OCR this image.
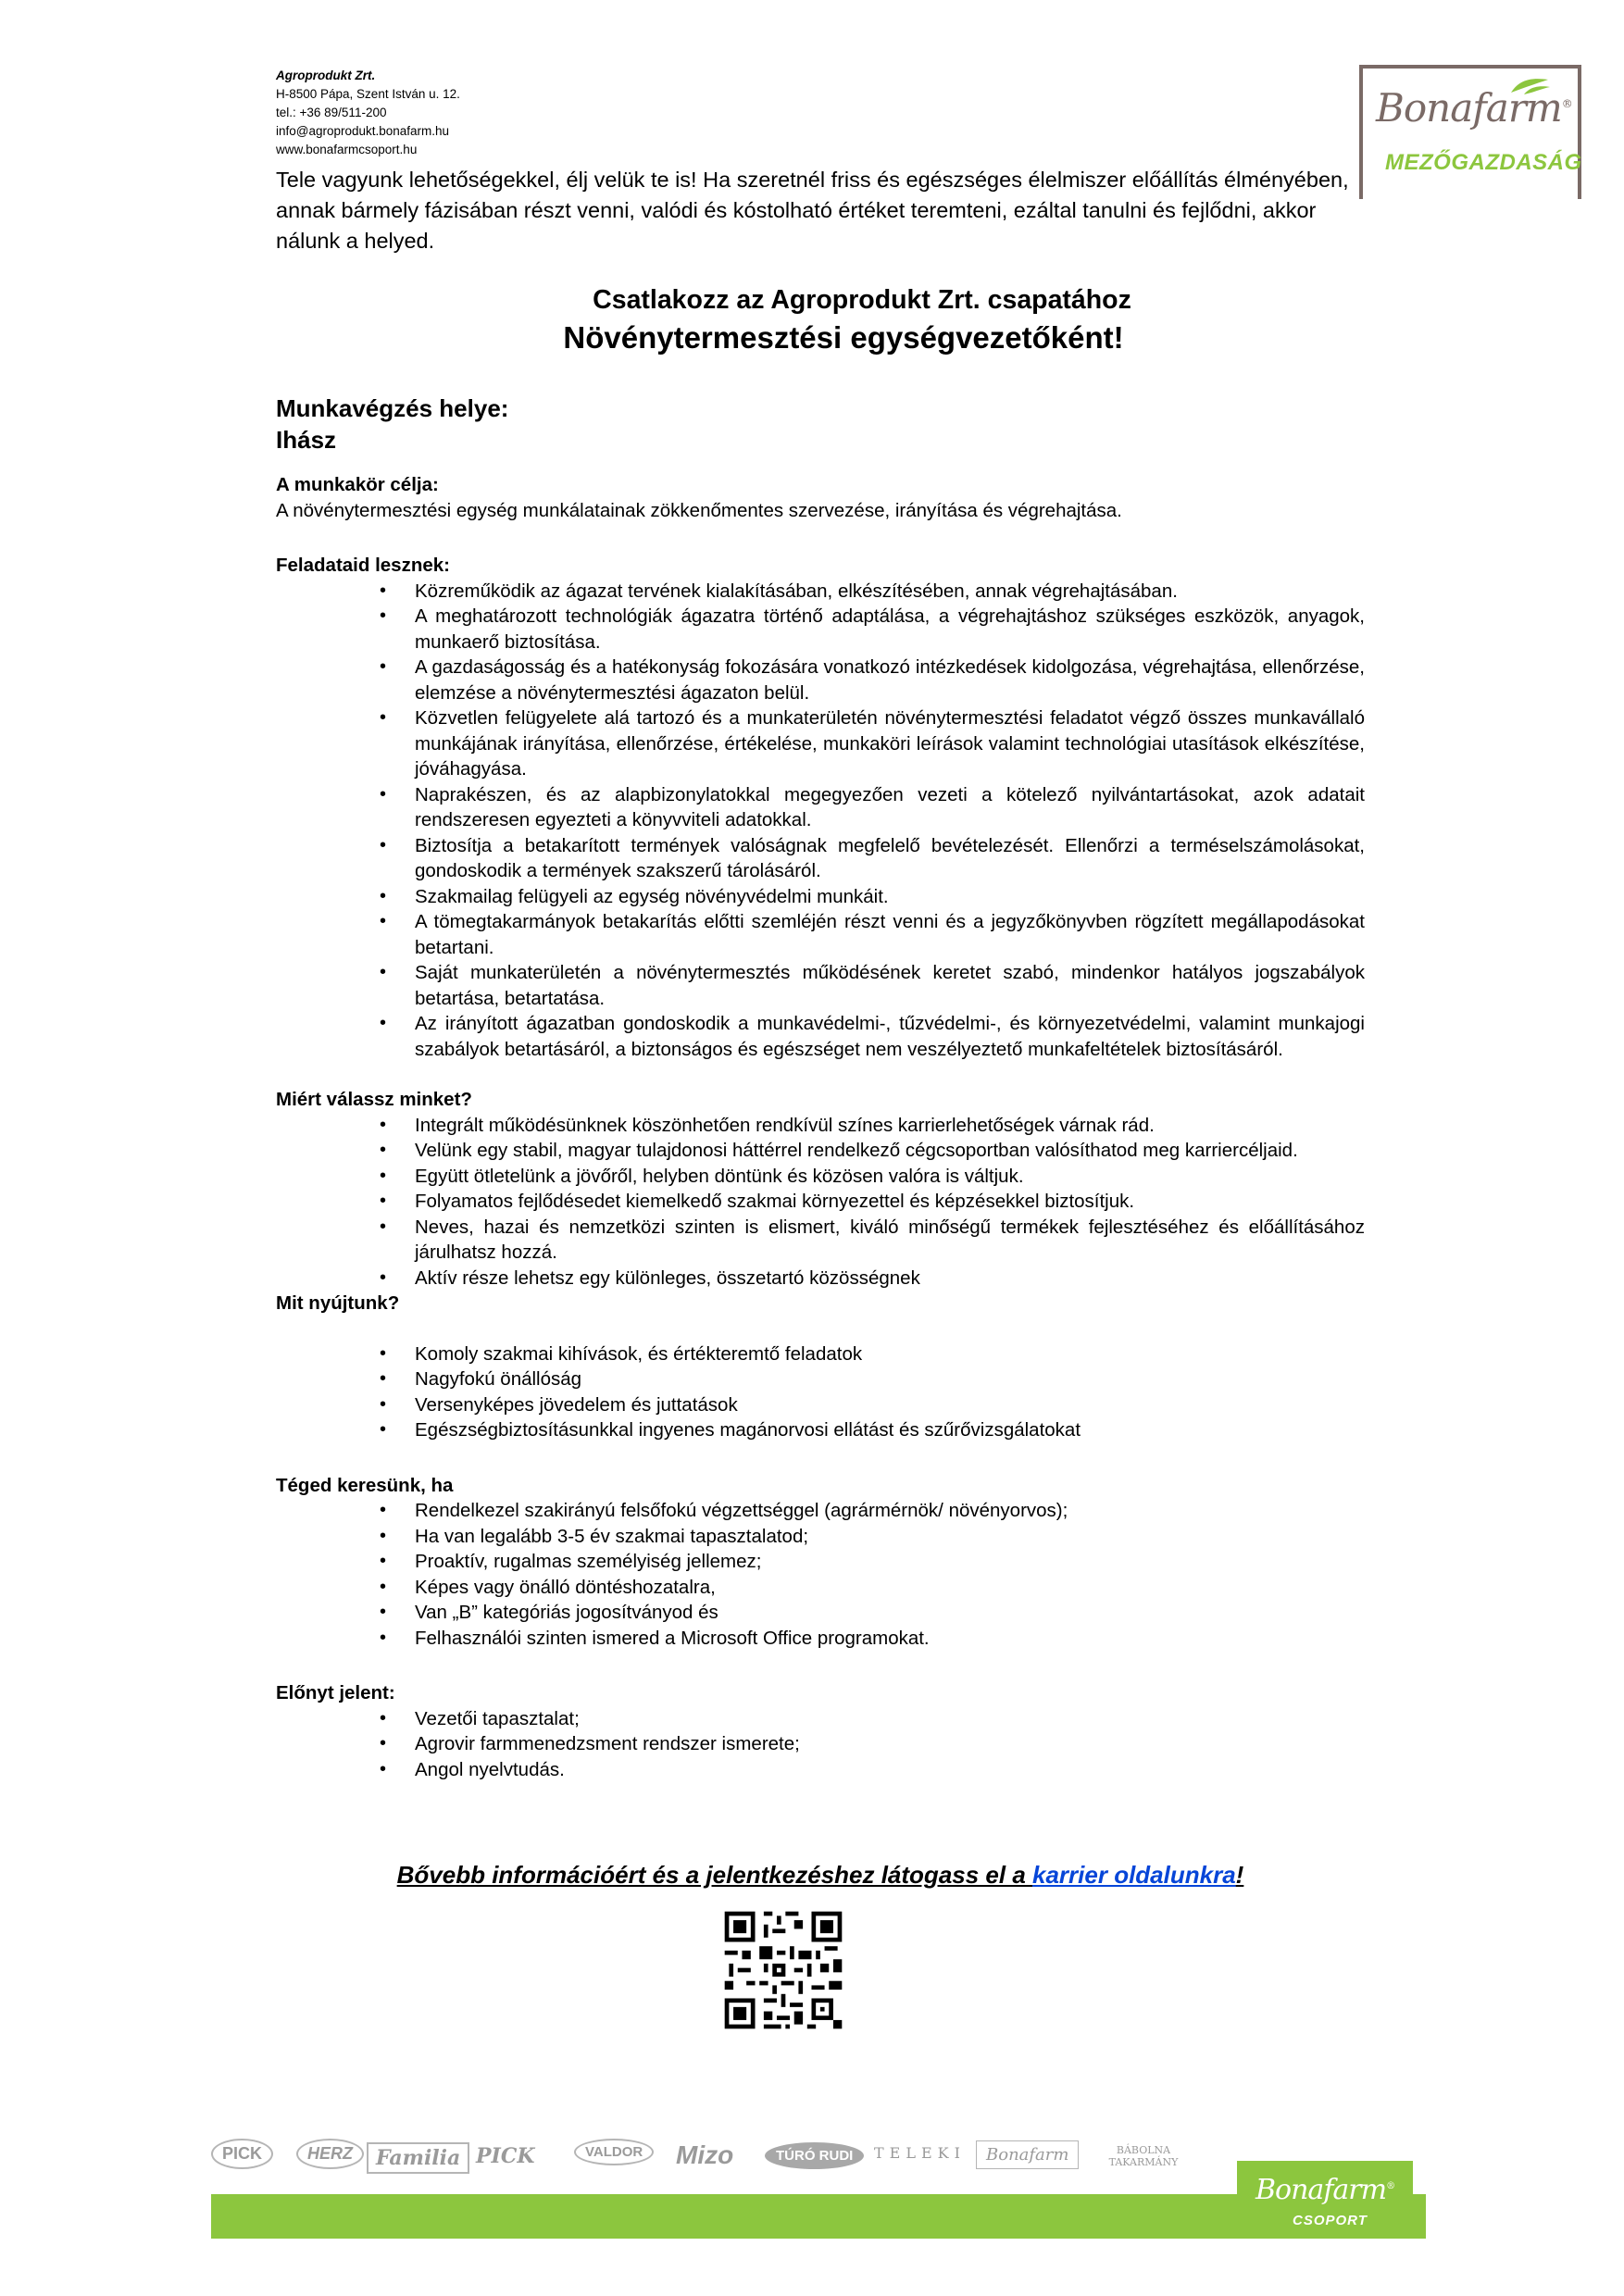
Agroprodukt Zrt.
H-8500 Pápa, Szent István u. 12.
tel.: +36 89/511-200
info@agroprodukt.bonafarm.hu
www.bonafarmcsoport.hu
Bonafarm®
MEZŐGAZDASÁG
Tele vagyunk lehetőségekkel, élj velük te is! Ha szeretnél friss és egészséges élelmiszer előállítás élményében, annak bármely fázisában részt venni, valódi és kóstolható értéket teremteni, ezáltal tanulni és fejlődni, akkor nálunk a helyed.
Csatlakozz az Agroprodukt Zrt. csapatához
Növénytermesztési egységvezetőként!
Munkavégzés helye:
Ihász
A munkakör célja:

A növénytermesztési egység munkálatainak zökkenőmentes szervezése, irányítása és végrehajtása.

Feladataid lesznek:
• Közreműködik az ágazat tervének kialakításában, elkészítésében, annak végrehajtásában.
• A meghatározott technológiák ágazatra történő adaptálása, a végrehajtáshoz szükséges eszközök, anyagok, munkaerő biztosítása.
• A gazdaságosság és a hatékonyság fokozására vonatkozó intézkedések kidolgozása, végrehajtása, ellenőrzése, elemzése a növénytermesztési ágazaton belül.
• Közvetlen felügyelete alá tartozó és a munkaterületén növénytermesztési feladatot végző összes munkavállaló munkájának irányítása, ellenőrzése, értékelése, munkaköri leírások valamint technológiai utasítások elkészítése, jóváhagyása.
• Naprakészen, és az alapbizonylatokkal megegyezően vezeti a kötelező nyilvántartásokat, azok adatait rendszeresen egyezteti a könyvviteli adatokkal.
• Biztosítja a betakarított termények valóságnak megfelelő bevételezését. Ellenőrzi a terméselszámolásokat, gondoskodik a termények szakszerű tárolásáról.
• Szakmailag felügyeli az egység növényvédelmi munkáit.
• A tömegtakarmányok betakarítás előtti szemléjén részt venni és a jegyzőkönyvben rögzített megállapodásokat betartani.
• Saját munkaterületén a növénytermesztés működésének keretet szabó, mindenkor hatályos jogszabályok betartása, betartatása.
• Az irányított ágazatban gondoskodik a munkavédelmi-, tűzvédelmi-, és környezetvédelmi, valamint munkajogi szabályok betartásáról, a biztonságos és egészséget nem veszélyeztető munkafeltételek biztosításáról.
Miért válassz minket?
• Integrált működésünknek köszönhetően rendkívül színes karrierlehetőségek várnak rád.
• Velünk egy stabil, magyar tulajdonosi háttérrel rendelkező cégcsoportban valósíthatod meg karriercéljaid.
• Együtt ötletelünk a jövőről, helyben döntünk és közösen valóra is váltjuk.
• Folyamatos fejlődésedet kiemelkedő szakmai környezettel és képzésekkel biztosítjuk.
• Neves, hazai és nemzetközi szinten is elismert, kiváló minőségű termékek fejlesztéséhez és előállításához járulhatsz hozzá.
• Aktív része lehetsz egy különleges, összetartó közösségnek
Mit nyújtunk?
• Komoly szakmai kihívások, és értékteremtő feladatok
• Nagyfokú önállóság
• Versenyképes jövedelem és juttatások
• Egészségbiztosításunkkal ingyenes magánorvosi ellátást és szűrővizsgálatokat
Téged keresünk, ha
• Rendelkezel szakirányú felsőfokú végzettséggel (agrármérnök/ növényorvos);
• Ha van legalább 3-5 év szakmai tapasztalatod;
• Proaktív, rugalmas személyiség jellemez;
• Képes vagy önálló döntéshozatalra,
• Van „B” kategóriás jogosítványod és
• Felhasználói szinten ismered a Microsoft Office programokat.
Előnyt jelent:
• Vezetői tapasztalat;
• Agrovir farmmenedzsment rendszer ismerete;
• Angol nyelvtudás.
Bővebb információért és a jelentkezéshez látogass el a karrier oldalunkra!
PICK	HERZ	Familia PICK	VALDOR	Mizo	TÚRÓ RUDI	TELEKI	Bonafarm	BÁBOLNA TAKARMÁNY
Bonafarm®
CSOPORT
